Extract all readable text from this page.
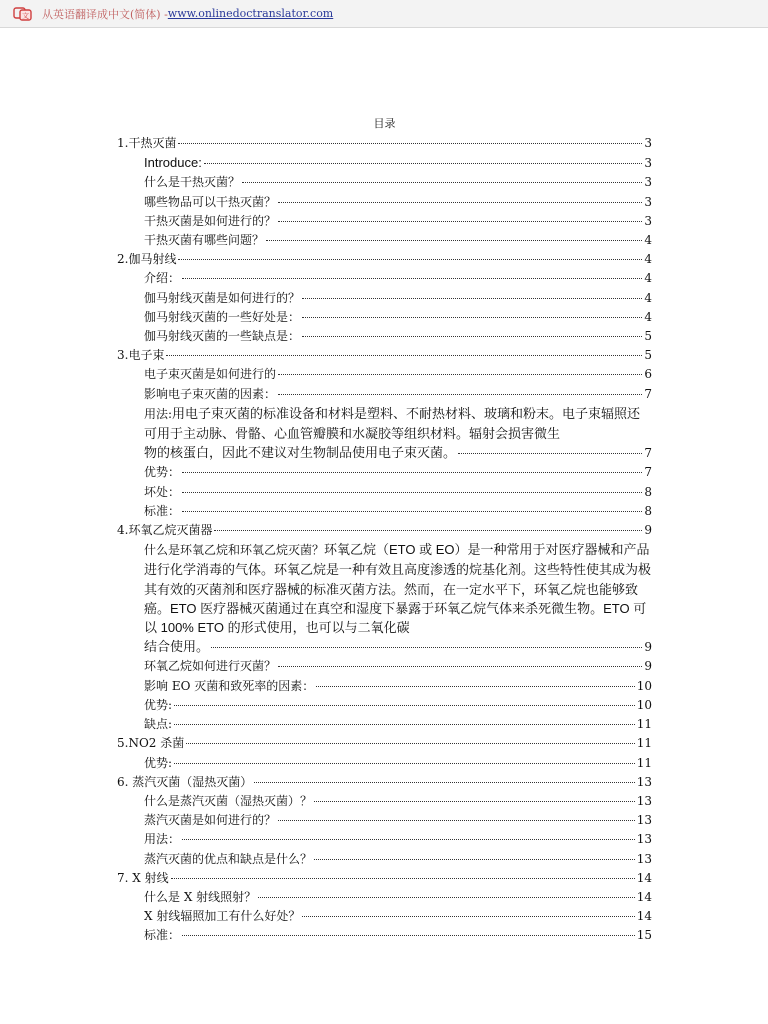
文 从英语翻译成中文(简体) - www.onlinedoctranslator.com
目录
1.干热灭菌	3
Introduce:	3
什么是干热灭菌？	3
哪些物品可以干热灭菌？	3
干热灭菌是如何进行的？	3
干热灭菌有哪些问题？	4
2.伽马射线	4
介绍：	4
伽马射线灭菌是如何进行的？	4
伽马射线灭菌的一些好处是：	4
伽马射线灭菌的一些缺点是：	5
3.电子束	5
电子束灭菌是如何进行的	6
影响电子束灭菌的因素：	7
用法:用电子束灭菌的标准设备和材料是塑料、不耐热材料、玻璃和粉末。电子束辐照还可用于主动脉、骨骼、心血管瓣膜和水凝胶等组织材料。辐射会损害微生
物的核蛋白，因此不建议对生物制品使用电子束灭菌。	7
优势：	7
坏处：	8
标准：	8
4.环氧乙烷灭菌器	9
什么是环氧乙烷和环氧乙烷灭菌？环氧乙烷（ETO 或 EO）是一种常用于对医疗器械和产品进行化学消毒的气体。环氧乙烷是一种有效且高度渗透的烷基化剂。这些特性使其成为极其有效的灭菌剂和医疗器械的标准灭菌方法。然而，在一定水平下，环氧乙烷也能够致癌。ETO 医疗器械灭菌通过在真空和湿度下暴露于环氧乙烷气体来杀死微生物。ETO 可以 100% ETO 的形式使用，也可以与二氧化碳
结合使用。	9
环氧乙烷如何进行灭菌？	9
影响 EO 灭菌和致死率的因素：	10
优势:	10
缺点:	11
5.NO2 杀菌	11
优势:	11
6. 蒸汽灭菌（湿热灭菌）	13
什么是蒸汽灭菌（湿热灭菌）？	13
蒸汽灭菌是如何进行的？	13
用法：	13
蒸汽灭菌的优点和缺点是什么？	13
7. X 射线	14
什么是 X 射线照射？	14
X 射线辐照加工有什么好处？	14
标准：	15
